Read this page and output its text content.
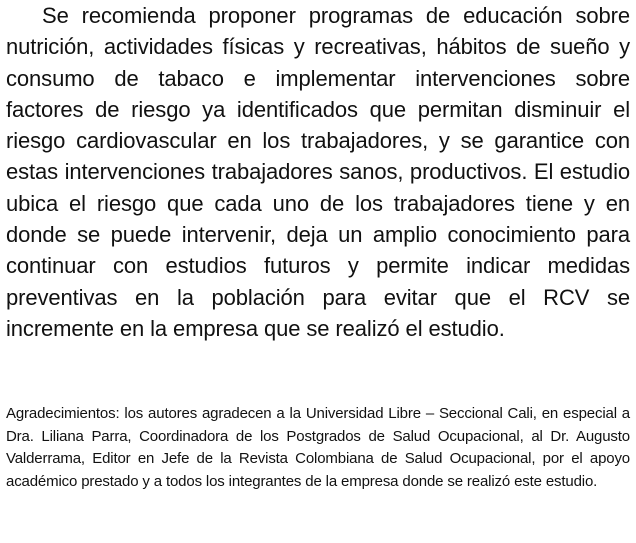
Se recomienda proponer programas de educación sobre nutrición, actividades físicas y recreativas, hábitos de sueño y consumo de tabaco e implementar intervenciones sobre factores de riesgo ya identificados que permitan disminuir el riesgo cardiovascular en los trabajadores, y se garantice con estas intervenciones trabajadores sanos, productivos. El estudio ubica el riesgo que cada uno de los trabajadores tiene y en donde se puede intervenir, deja un amplio conocimiento para continuar con estudios futuros y permite indicar medidas preventivas en la población para evitar que el RCV se incremente en la empresa que se realizó el estudio.

Agradecimientos: los autores agradecen a la Universidad Libre – Seccional Cali, en especial a Dra. Liliana Parra, Coordinadora de los Postgrados de Salud Ocupacional, al Dr. Augusto Valderrama, Editor en Jefe de la Revista Colombiana de Salud Ocupacional, por el apoyo académico prestado y a todos los integrantes de la empresa donde se realizó este estudio.
